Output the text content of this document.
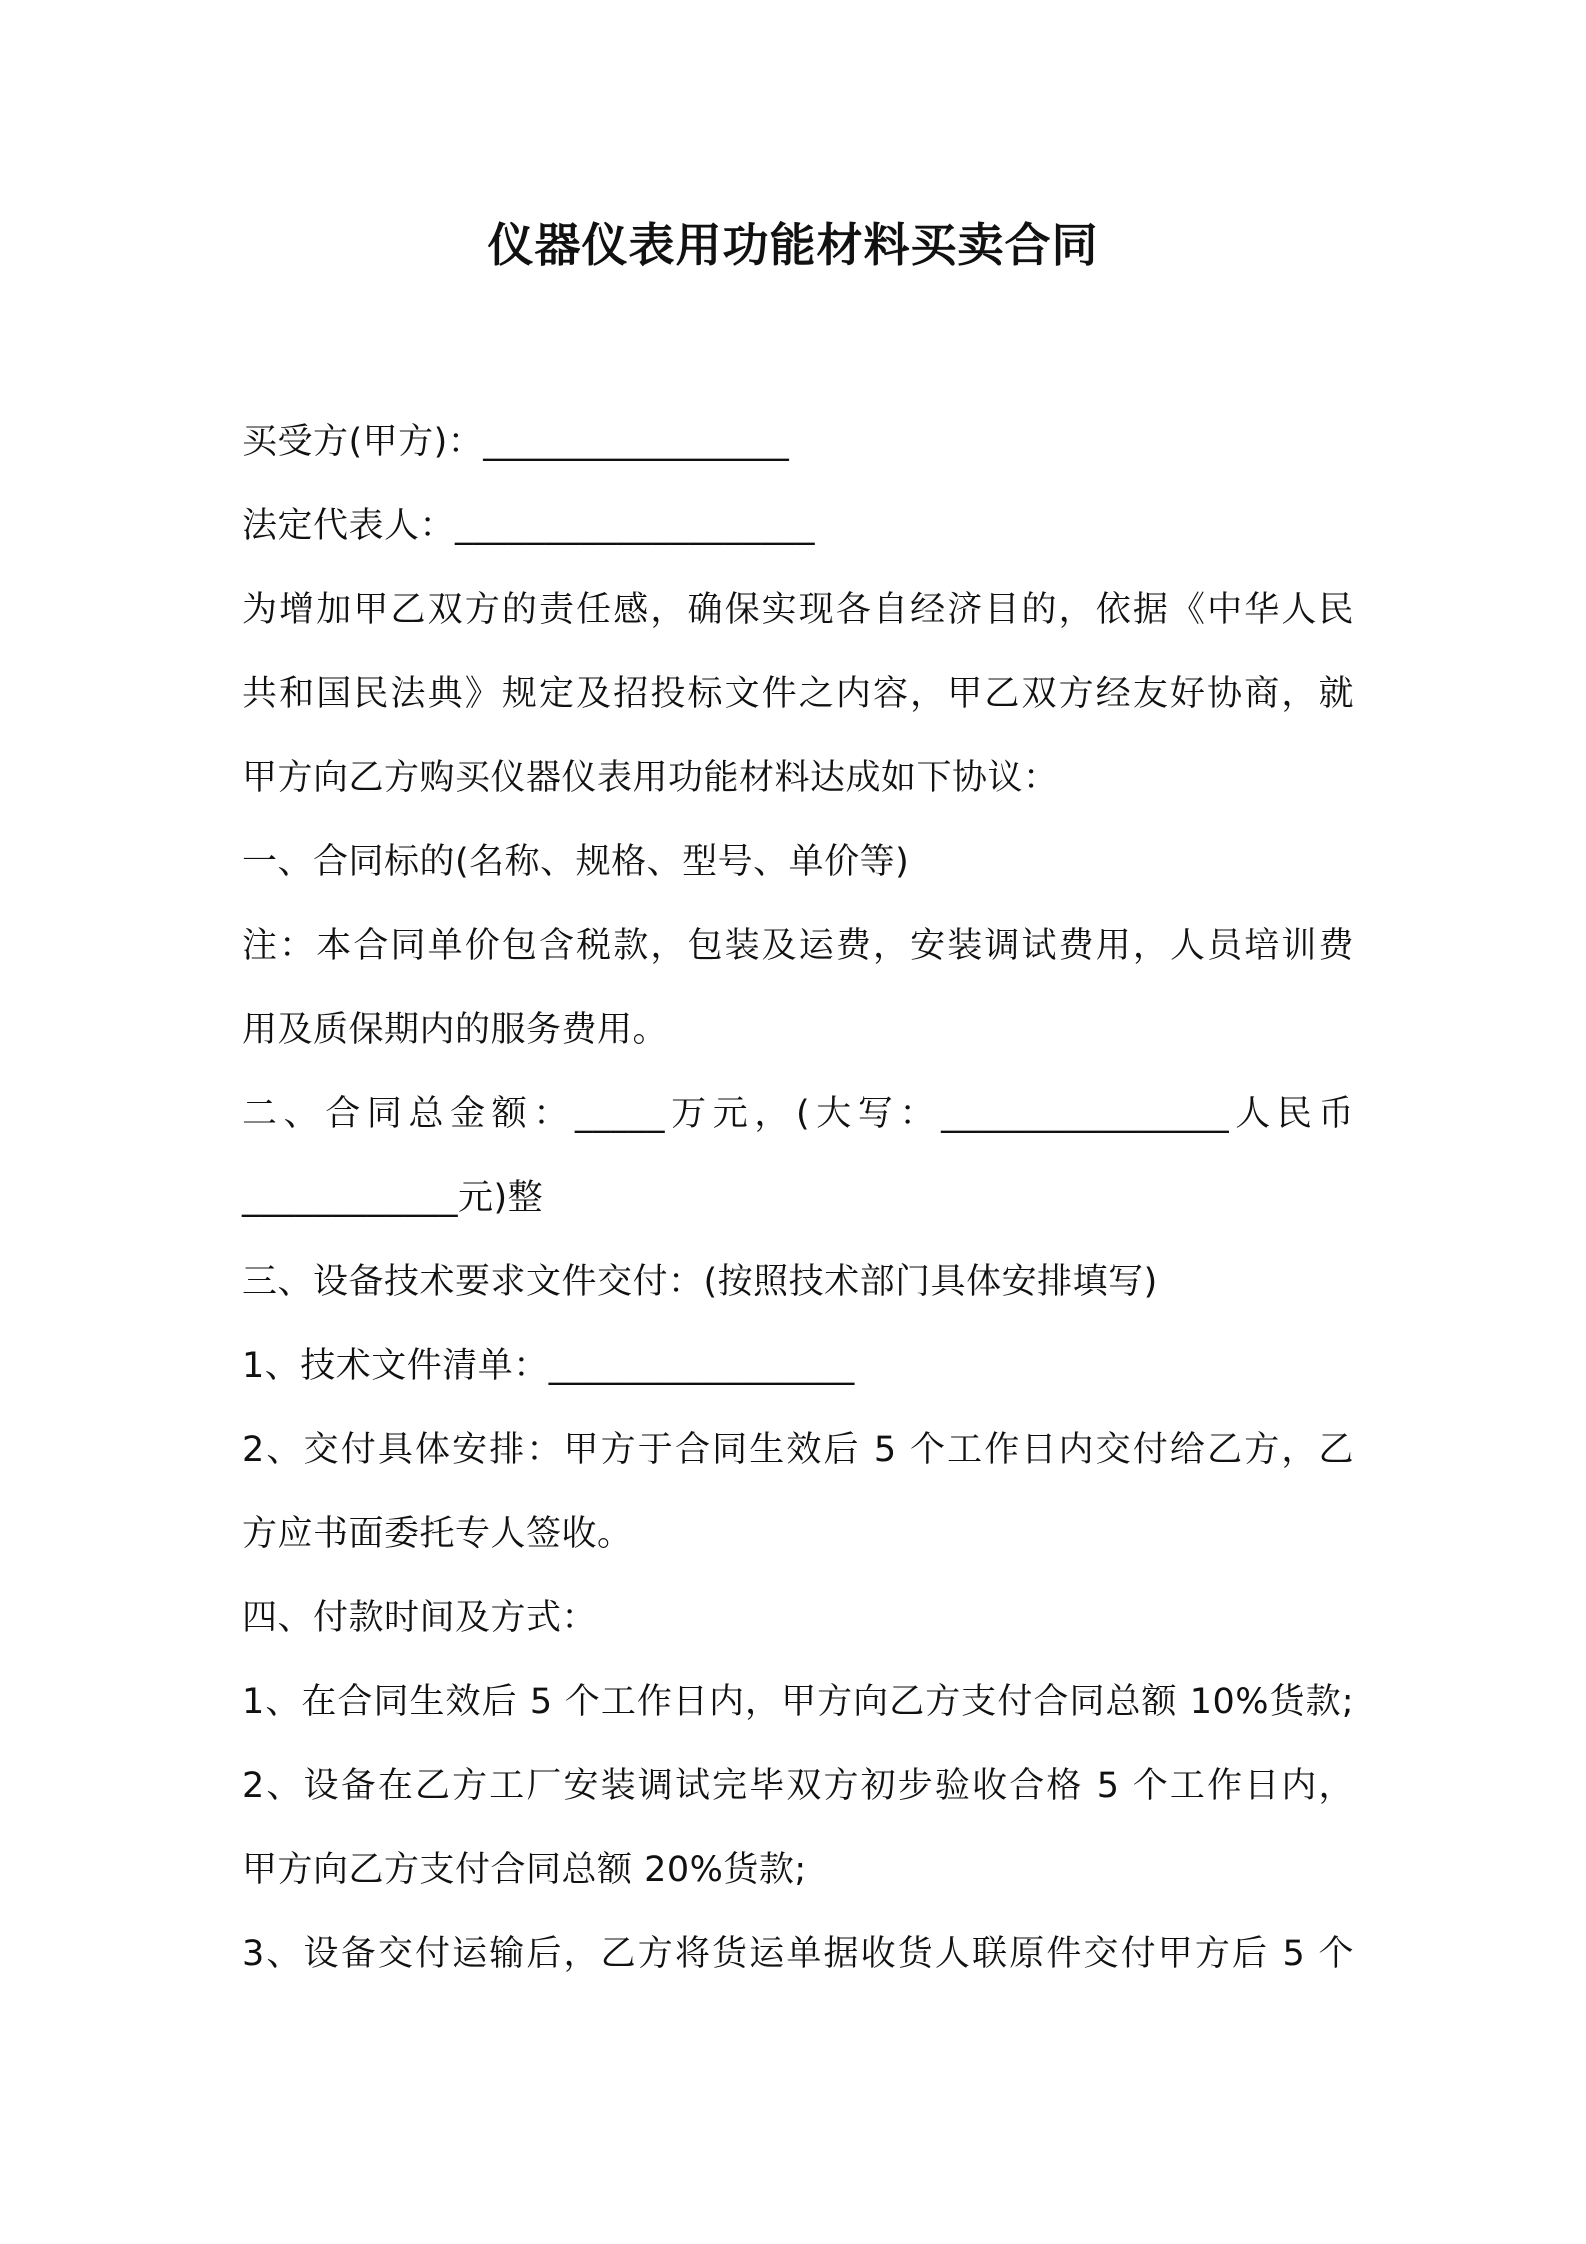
仪器仪表用功能材料买卖合同
买受方(甲方)：_________________
法定代表人：____________________
为增加甲乙双方的责任感，确保实现各自经济目的，依据《中华人民
共和国民法典》规定及招投标文件之内容，甲乙双方经友好协商，就
甲方向乙方购买仪器仪表用功能材料达成如下协议：
一、合同标的(名称、规格、型号、单价等)
注：本合同单价包含税款，包装及运费，安装调试费用，人员培训费
用及质保期内的服务费用。
二、合同总金额：_____万元，(大写：________________人民币
____________元)整
三、设备技术要求文件交付：(按照技术部门具体安排填写)
1、技术文件清单：_________________
2、交付具体安排：甲方于合同生效后 5 个工作日内交付给乙方，乙
方应书面委托专人签收。
四、付款时间及方式：
1、在合同生效后 5 个工作日内，甲方向乙方支付合同总额 10%货款;
2、设备在乙方工厂安装调试完毕双方初步验收合格 5 个工作日内，
甲方向乙方支付合同总额 20%货款;
3、设备交付运输后，乙方将货运单据收货人联原件交付甲方后 5 个
